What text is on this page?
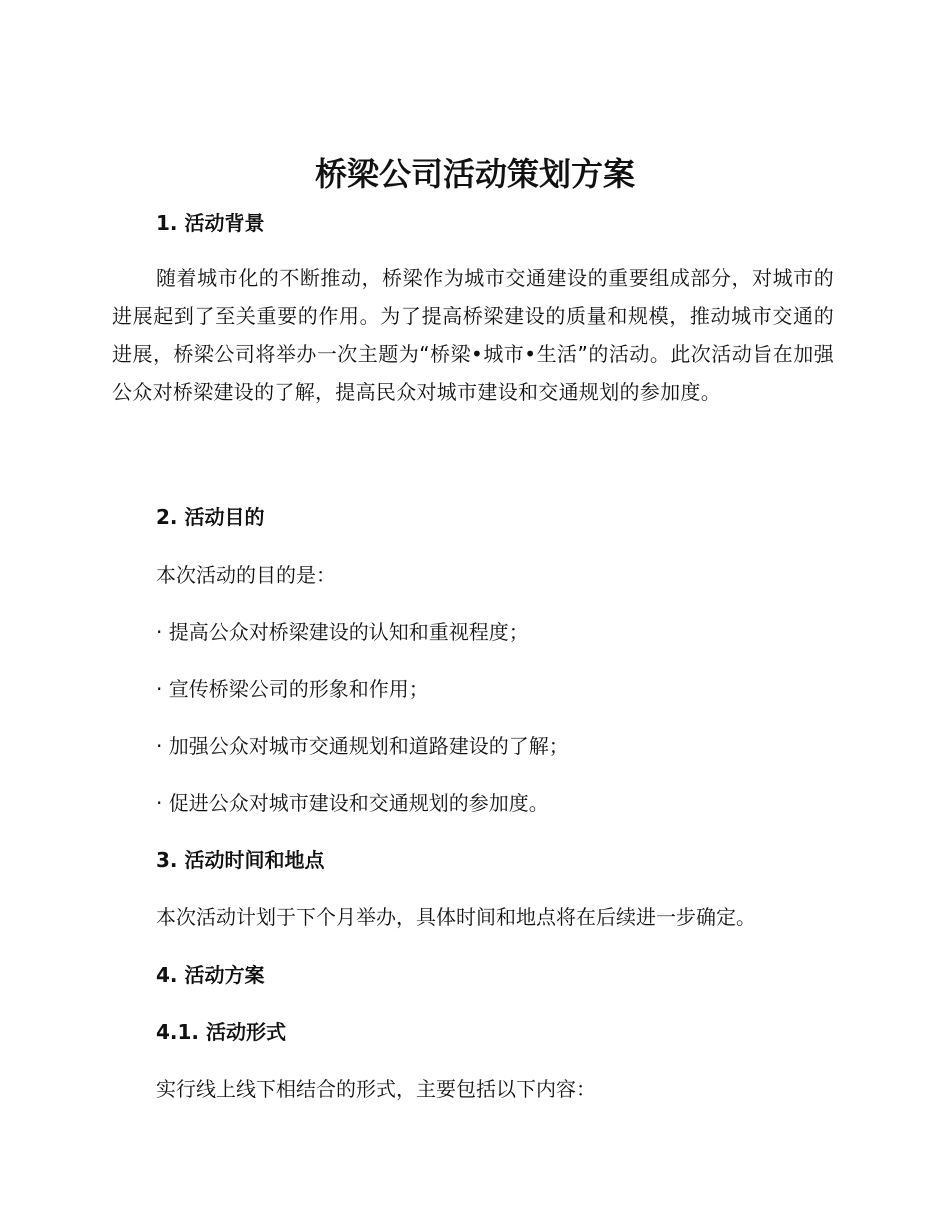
桥梁公司活动策划方案
1. 活动背景

随着城市化的不断推动，桥梁作为城市交通建设的重要组成部分，对城市的进展起到了至关重要的作用。为了提高桥梁建设的质量和规模，推动城市交通的进展，桥梁公司将举办一次主题为“桥梁•城市•生活”的活动。此次活动旨在加强公众对桥梁建设的了解，提高民众对城市建设和交通规划的参加度。

2. 活动目的

本次活动的目的是：

· 提高公众对桥梁建设的认知和重视程度；

· 宣传桥梁公司的形象和作用；

· 加强公众对城市交通规划和道路建设的了解；

· 促进公众对城市建设和交通规划的参加度。

3. 活动时间和地点

本次活动计划于下个月举办，具体时间和地点将在后续进一步确定。

4. 活动方案
4.1. 活动形式

实行线上线下相结合的形式，主要包括以下内容：
